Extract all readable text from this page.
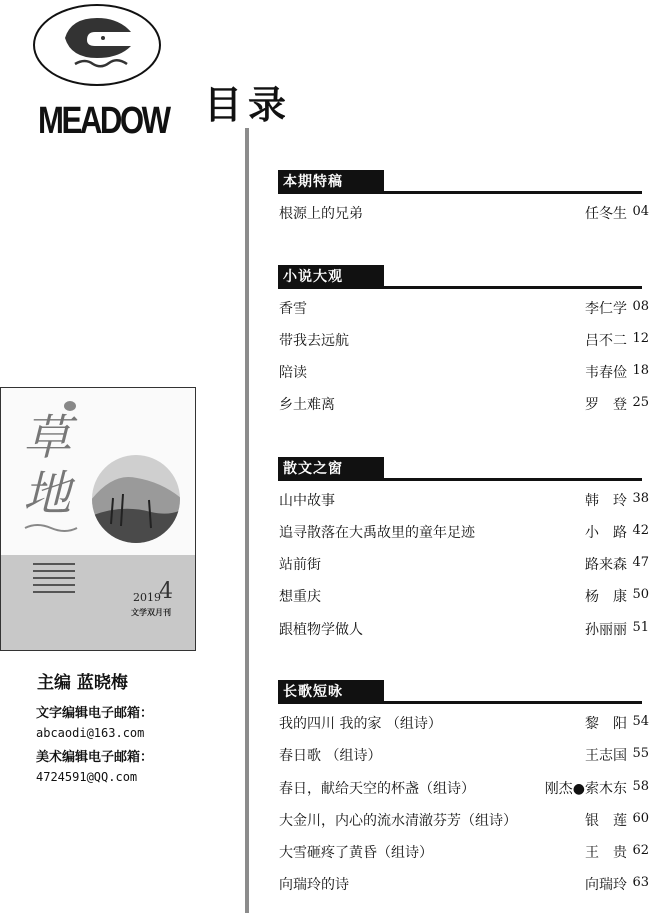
MEADOW 目录
草地
2019
4
文学双月刊
主编 蓝晓梅
文字编辑电子邮箱：
abcaodi@163.com
美术编辑电子邮箱：
4724591@QQ.com
本期特稿
根源上的兄弟	任冬生 04
小说大观
香雪	李仁学 08
带我去远航	吕不二 12
陪读	韦春俭 18
乡土难离	罗　登 25
散文之窗
山中故事	韩　玲 38
追寻散落在大禹故里的童年足迹	小　路 42
站前街	路来森 47
想重庆	杨　康 50
跟植物学做人	孙丽丽 51
长歌短咏
我的四川 我的家 （组诗）	黎　阳 54
春日歌 （组诗）	王志国 55
春日，献给天空的杯盏（组诗）	刚杰●索木东 58
大金川，内心的流水清澈芬芳（组诗）	银　莲 60
大雪砸疼了黄昏（组诗）	王　贵 62
向瑞玲的诗	向瑞玲 63
